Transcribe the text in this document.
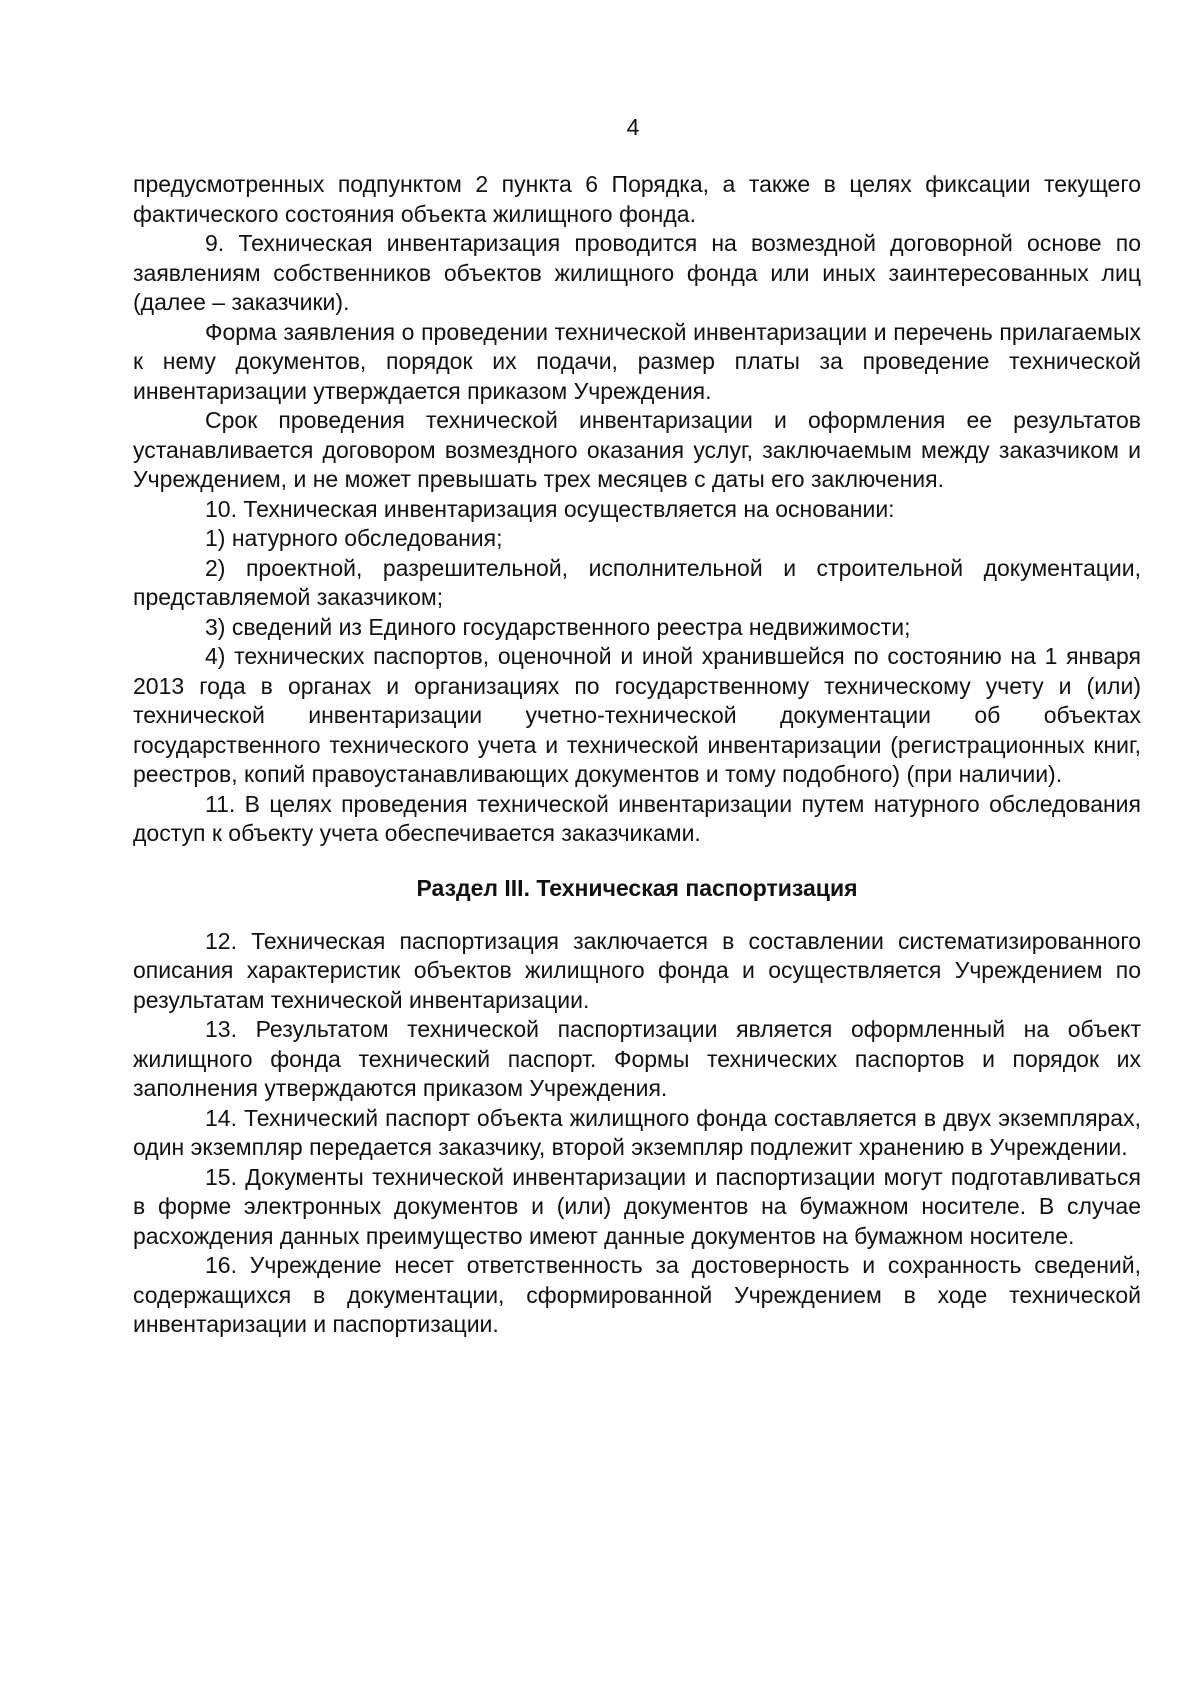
4

предусмотренных подпунктом 2 пункта 6 Порядка, а также в целях фиксации текущего фактического состояния объекта жилищного фонда.

9. Техническая инвентаризация проводится на возмездной договорной основе по заявлениям собственников объектов жилищного фонда или иных заинтересованных лиц (далее – заказчики).

Форма заявления о проведении технической инвентаризации и перечень прилагаемых к нему документов, порядок их подачи, размер платы за проведение технической инвентаризации утверждается приказом Учреждения.

Срок проведения технической инвентаризации и оформления ее результатов устанавливается договором возмездного оказания услуг, заключаемым между заказчиком и Учреждением, и не может превышать трех месяцев с даты его заключения.

10. Техническая инвентаризация осуществляется на основании:

1) натурного обследования;

2) проектной, разрешительной, исполнительной и строительной документации, представляемой заказчиком;

3) сведений из Единого государственного реестра недвижимости;

4) технических паспортов, оценочной и иной хранившейся по состоянию на 1 января 2013 года в органах и организациях по государственному техническому учету и (или) технической инвентаризации учетно-технической документации об объектах государственного технического учета и технической инвентаризации (регистрационных книг, реестров, копий правоустанавливающих документов и тому подобного) (при наличии).

11. В целях проведения технической инвентаризации путем натурного обследования доступ к объекту учета обеспечивается заказчиками.

Раздел III. Техническая паспортизация

12. Техническая паспортизация заключается в составлении систематизированного описания характеристик объектов жилищного фонда и осуществляется Учреждением по результатам технической инвентаризации.

13. Результатом технической паспортизации является оформленный на объект жилищного фонда технический паспорт. Формы технических паспортов и порядок их заполнения утверждаются приказом Учреждения.

14. Технический паспорт объекта жилищного фонда составляется в двух экземплярах, один экземпляр передается заказчику, второй экземпляр подлежит хранению в Учреждении.

15. Документы технической инвентаризации и паспортизации могут подготавливаться в форме электронных документов и (или) документов на бумажном носителе. В случае расхождения данных преимущество имеют данные документов на бумажном носителе.

16. Учреждение несет ответственность за достоверность и сохранность сведений, содержащихся в документации, сформированной Учреждением в ходе технической инвентаризации и паспортизации.
